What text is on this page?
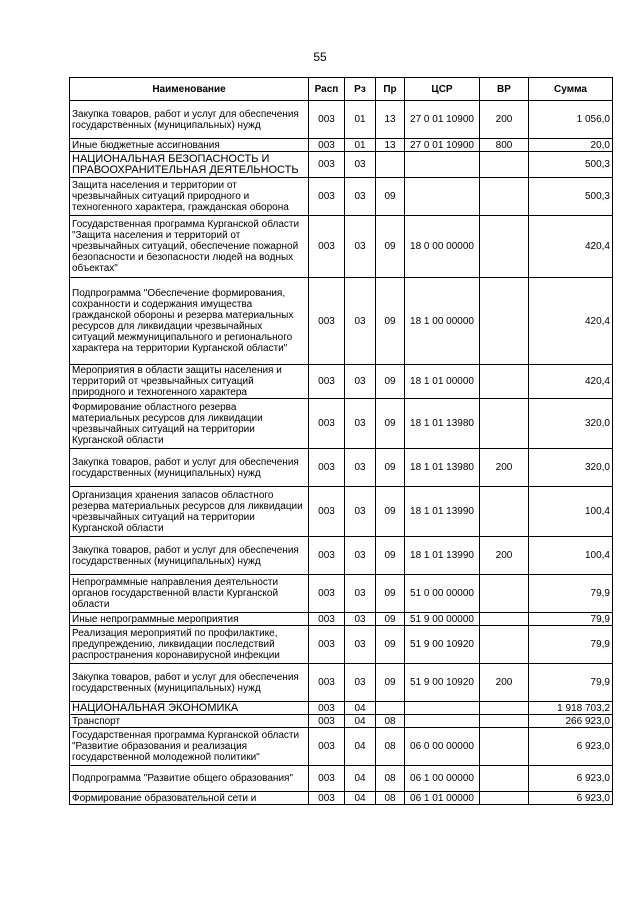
55
Наименование	Расп	Рз	Пр	ЦСР	ВР	Сумма
Закупка товаров, работ и услуг для обеспечения государственных (муниципальных) нужд	003	01	13	27 0 01 10900	200	1 056,0
Иные бюджетные ассигнования	003	01	13	27 0 01 10900	800	20,0
НАЦИОНАЛЬНАЯ БЕЗОПАСНОСТЬ И ПРАВООХРАНИТЕЛЬНАЯ ДЕЯТЕЛЬНОСТЬ	003	03				500,3
Защита населения и территории от чрезвычайных ситуаций природного и техногенного характера, гражданская оборона	003	03	09			500,3
Государственная программа Курганской области "Защита населения и территорий от чрезвычайных ситуаций, обеспечение пожарной безопасности и безопасности людей на водных объектах"	003	03	09	18 0 00 00000		420,4
Подпрограмма "Обеспечение формирования, сохранности и содержания имущества гражданской обороны и резерва материальных ресурсов для ликвидации чрезвычайных ситуаций межмуниципального и регионального характера на территории Курганской области"	003	03	09	18 1 00 00000		420,4
Мероприятия в области защиты населения и территорий от чрезвычайных ситуаций природного и техногенного характера	003	03	09	18 1 01 00000		420,4
Формирование областного резерва материальных ресурсов для ликвидации чрезвычайных ситуаций на территории Курганской области	003	03	09	18 1 01 13980		320,0
Закупка товаров, работ и услуг для обеспечения государственных (муниципальных) нужд	003	03	09	18 1 01 13980	200	320,0
Организация хранения запасов областного резерва материальных ресурсов для ликвидации чрезвычайных ситуаций на территории Курганской области	003	03	09	18 1 01 13990		100,4
Закупка товаров, работ и услуг для обеспечения государственных (муниципальных) нужд	003	03	09	18 1 01 13990	200	100,4
Непрограммные направления деятельности органов государственной власти Курганской области	003	03	09	51 0 00 00000		79,9
Иные непрограммные мероприятия	003	03	09	51 9 00 00000		79,9
Реализация мероприятий по профилактике, предупреждению, ликвидации последствий распространения коронавирусной инфекции	003	03	09	51 9 00 10920		79,9
Закупка товаров, работ и услуг для обеспечения государственных (муниципальных) нужд	003	03	09	51 9 00 10920	200	79,9
НАЦИОНАЛЬНАЯ ЭКОНОМИКА	003	04				1 918 703,2
Транспорт	003	04	08			266 923,0
Государственная программа Курганской области "Развитие образования и реализация государственной молодежной политики"	003	04	08	06 0 00 00000		6 923,0
Подпрограмма "Развитие общего образования"	003	04	08	06 1 00 00000		6 923,0
Формирование образовательной сети и	003	04	08	06 1 01 00000		6 923,0
